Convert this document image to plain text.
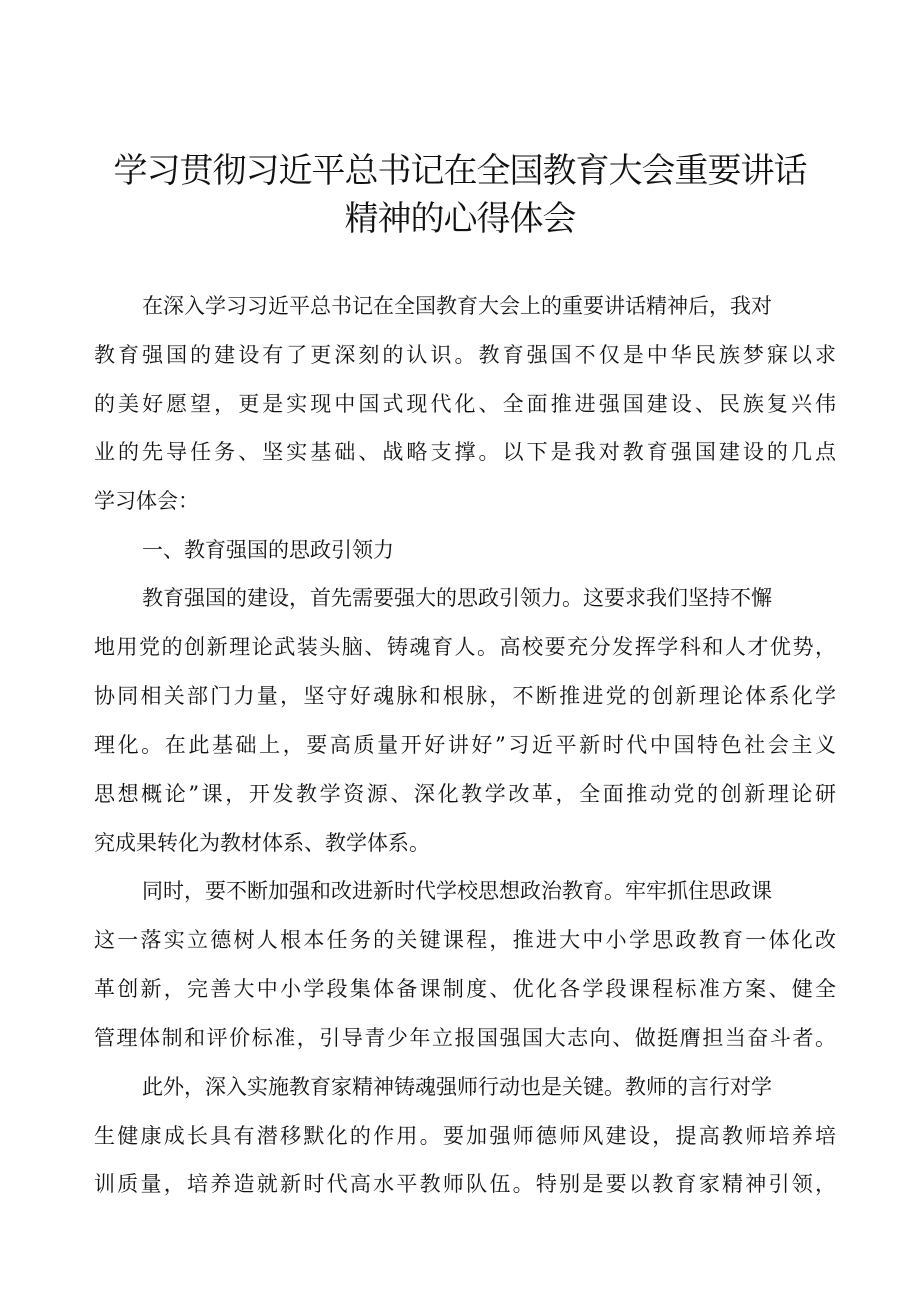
学习贯彻习近平总书记在全国教育大会重要讲话
精神的心得体会
在深入学习习近平总书记在全国教育大会上的重要讲话精神后，我对
教育强国的建设有了更深刻的认识。教育强国不仅是中华民族梦寐以求
的美好愿望，更是实现中国式现代化、全面推进强国建设、民族复兴伟
业的先导任务、坚实基础、战略支撑。以下是我对教育强国建设的几点
学习体会：
一、教育强国的思政引领力
教育强国的建设，首先需要强大的思政引领力。这要求我们坚持不懈
地用党的创新理论武装头脑、铸魂育人。高校要充分发挥学科和人才优势，
协同相关部门力量，坚守好魂脉和根脉，不断推进党的创新理论体系化学
理化。在此基础上，要高质量开好讲好”习近平新时代中国特色社会主义
思想概论”课，开发教学资源、深化教学改革，全面推动党的创新理论研
究成果转化为教材体系、教学体系。
同时，要不断加强和改进新时代学校思想政治教育。牢牢抓住思政课
这一落实立德树人根本任务的关键课程，推进大中小学思政教育一体化改
革创新，完善大中小学段集体备课制度、优化各学段课程标准方案、健全
管理体制和评价标准，引导青少年立报国强国大志向、做挺膺担当奋斗者。
此外，深入实施教育家精神铸魂强师行动也是关键。教师的言行对学
生健康成长具有潜移默化的作用。要加强师德师风建设，提高教师培养培
训质量，培养造就新时代高水平教师队伍。特别是要以教育家精神引领，
